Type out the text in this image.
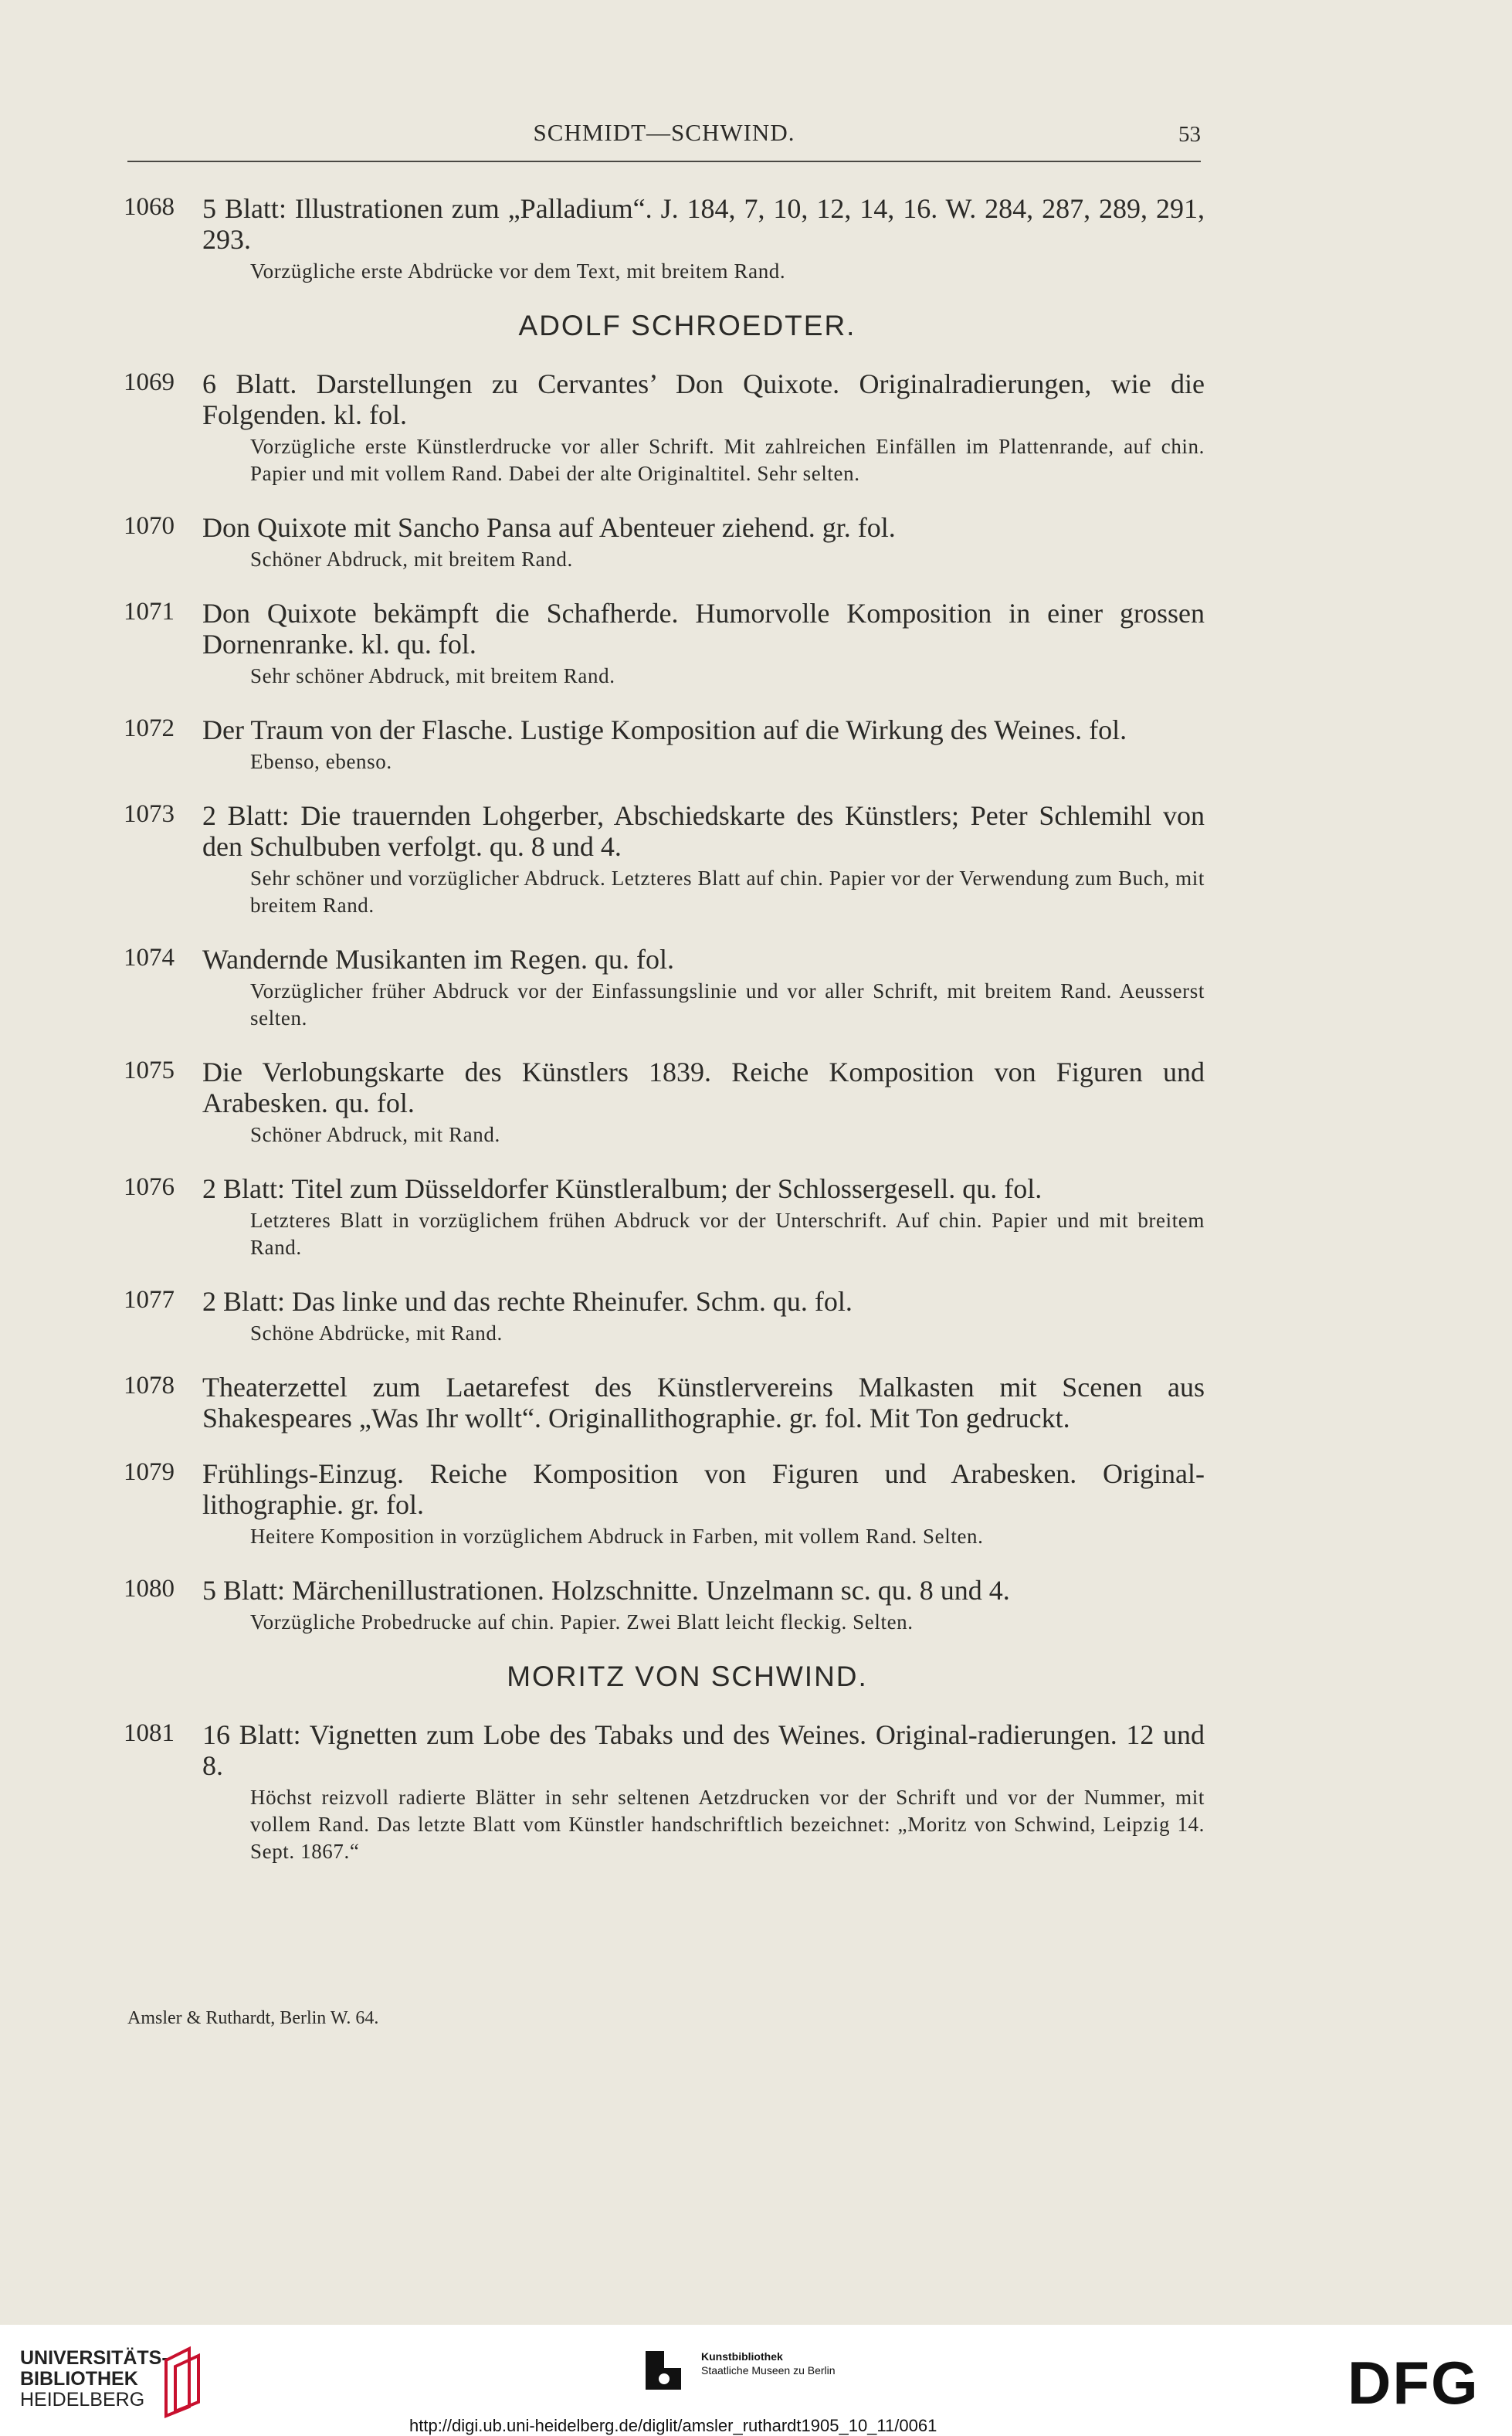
SCHMIDT—SCHWIND.	53
1068 5 Blatt: Illustrationen zum „Palladium“. J. 184, 7, 10, 12, 14, 16. W. 284, 287, 289, 291, 293.
Vorzügliche erste Abdrücke vor dem Text, mit breitem Rand.
ADOLF SCHROEDTER.
1069 6 Blatt. Darstellungen zu Cervantes’ Don Quixote. Originalradierungen, wie die Folgenden. kl. fol.
Vorzügliche erste Künstlerdrucke vor aller Schrift. Mit zahlreichen Einfällen im Plattenrande, auf chin. Papier und mit vollem Rand. Dabei der alte Originaltitel. Sehr selten.
1070 Don Quixote mit Sancho Pansa auf Abenteuer ziehend. gr. fol.
Schöner Abdruck, mit breitem Rand.
1071 Don Quixote bekämpft die Schafherde. Humorvolle Komposition in einer grossen Dornenranke. kl. qu. fol.
Sehr schöner Abdruck, mit breitem Rand.
1072 Der Traum von der Flasche. Lustige Komposition auf die Wirkung des Weines. fol.
Ebenso, ebenso.
1073 2 Blatt: Die trauernden Lohgerber, Abschiedskarte des Künstlers; Peter Schlemihl von den Schulbuben verfolgt. qu. 8 und 4.
Sehr schöner und vorzüglicher Abdruck. Letzteres Blatt auf chin. Papier vor der Verwendung zum Buch, mit breitem Rand.
1074 Wandernde Musikanten im Regen. qu. fol.
Vorzüglicher früher Abdruck vor der Einfassungslinie und vor aller Schrift, mit breitem Rand. Aeusserst selten.
1075 Die Verlobungskarte des Künstlers 1839. Reiche Komposition von Figuren und Arabesken. qu. fol.
Schöner Abdruck, mit Rand.
1076 2 Blatt: Titel zum Düsseldorfer Künstleralbum; der Schlossergesell. qu. fol.
Letzteres Blatt in vorzüglichem frühen Abdruck vor der Unterschrift. Auf chin. Papier und mit breitem Rand.
1077 2 Blatt: Das linke und das rechte Rheinufer. Schm. qu. fol.
Schöne Abdrücke, mit Rand.
1078 Theaterzettel zum Laetarefest des Künstlervereins Malkasten mit Scenen aus Shakespeares „Was Ihr wollt“. Originallithographie. gr. fol. Mit Ton gedruckt.
1079 Frühlings-Einzug. Reiche Komposition von Figuren und Arabesken. Original-lithographie. gr. fol.
Heitere Komposition in vorzüglichem Abdruck in Farben, mit vollem Rand. Selten.
1080 5 Blatt: Märchenillustrationen. Holzschnitte. Unzelmann sc. qu. 8 und 4.
Vorzügliche Probedrucke auf chin. Papier. Zwei Blatt leicht fleckig. Selten.
MORITZ VON SCHWIND.
1081 16 Blatt: Vignetten zum Lobe des Tabaks und des Weines. Original-radierungen. 12 und 8.
Höchst reizvoll radierte Blätter in sehr seltenen Aetzdrucken vor der Schrift und vor der Nummer, mit vollem Rand. Das letzte Blatt vom Künstler handschriftlich bezeichnet: „Moritz von Schwind, Leipzig 14. Sept. 1867.“
Amsler & Ruthardt, Berlin W. 64.
UNIVERSITÄTS-
BIBLIOTHEK
HEIDELBERG
Kunstbibliothek
Staatliche Museen zu Berlin	DFG
http://digi.ub.uni-heidelberg.de/diglit/amsler_ruthardt1905_10_11/0061
